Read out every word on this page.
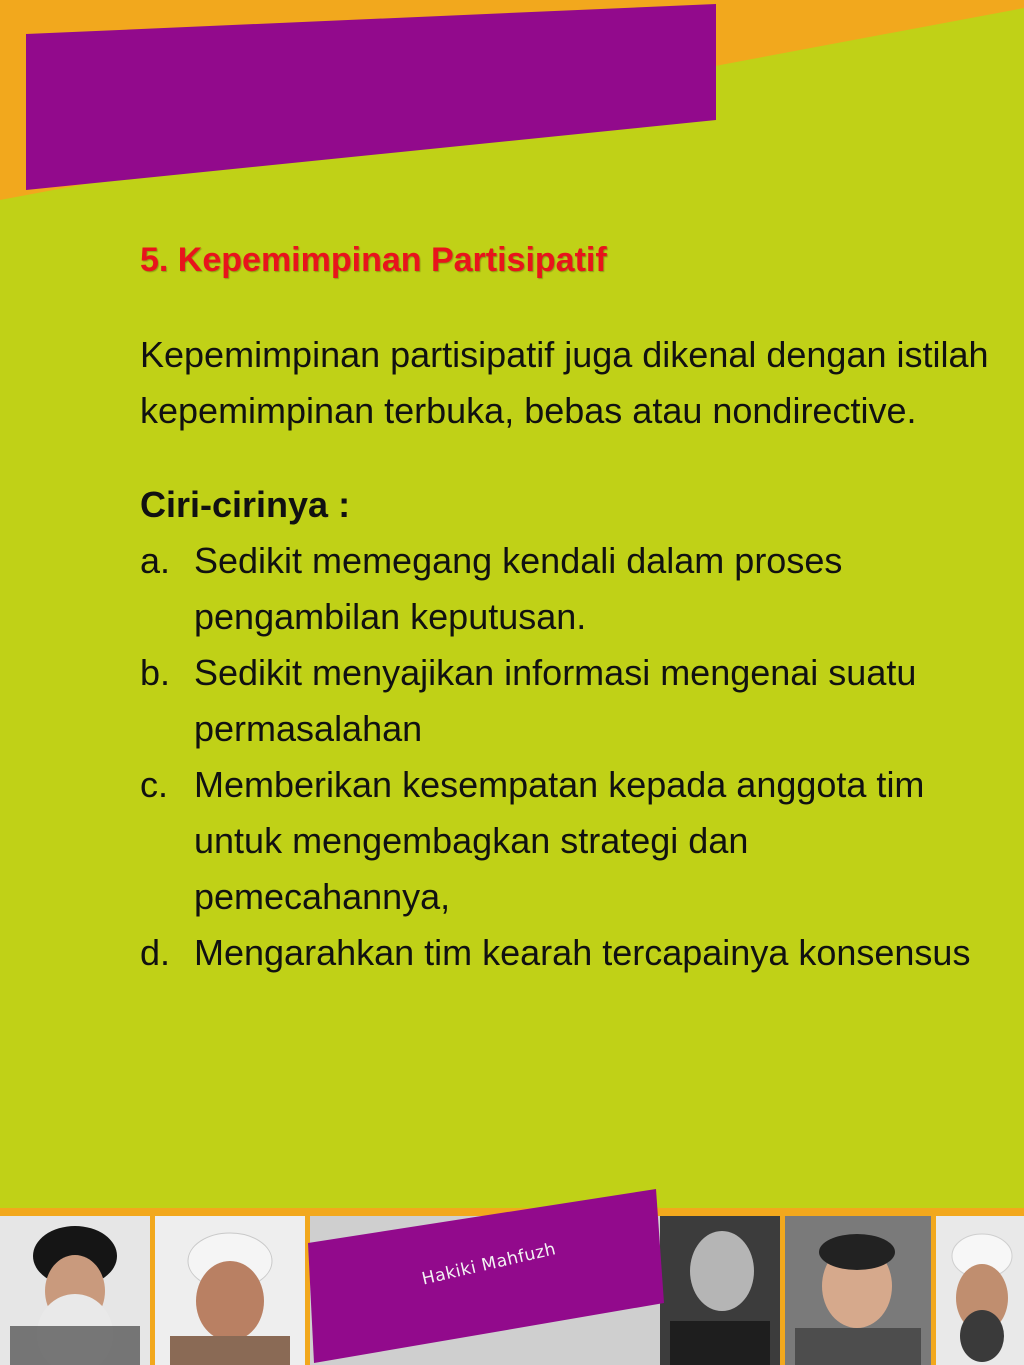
5. Kepemimpinan Partisipatif

Kepemimpinan partisipatif juga dikenal dengan istilah kepemimpinan terbuka, bebas atau nondirective.

Ciri-cirinya :

a. Sedikit memegang kendali dalam proses pengambilan keputusan.
b. Sedikit menyajikan informasi mengenai suatu permasalahan
c. Memberikan kesempatan kepada anggota tim untuk mengembagkan strategi dan pemecahannya,
d. Mengarahkan tim kearah tercapainya konsensus
Hakiki Mahfuzh
